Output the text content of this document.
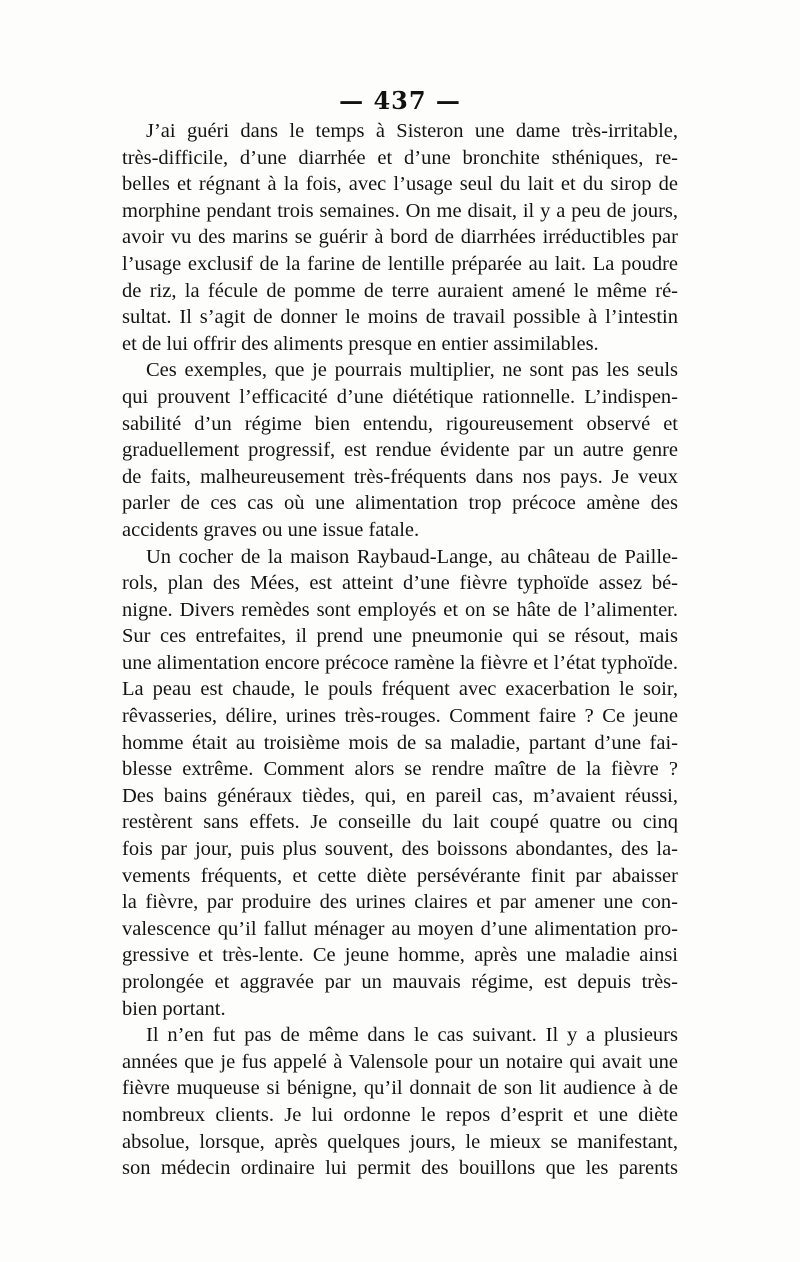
— 437 —
J’ai guéri dans le temps à Sisteron une dame très-irritable,
très-difficile, d’une diarrhée et d’une bronchite sthéniques, re-
belles et régnant à la fois, avec l’usage seul du lait et du sirop de
morphine pendant trois semaines. On me disait, il y a peu de jours,
avoir vu des marins se guérir à bord de diarrhées irréductibles par
l’usage exclusif de la farine de lentille préparée au lait. La poudre
de riz, la fécule de pomme de terre auraient amené le même ré-
sultat. Il s’agit de donner le moins de travail possible à l’intestin
et de lui offrir des aliments presque en entier assimilables.
Ces exemples, que je pourrais multiplier, ne sont pas les seuls
qui prouvent l’efficacité d’une diététique rationnelle. L’indispen-
sabilité d’un régime bien entendu, rigoureusement observé et
graduellement progressif, est rendue évidente par un autre genre
de faits, malheureusement très-fréquents dans nos pays. Je veux
parler de ces cas où une alimentation trop précoce amène des
accidents graves ou une issue fatale.
Un cocher de la maison Raybaud-Lange, au château de Paille-
rols, plan des Mées, est atteint d’une fièvre typhoïde assez bé-
nigne. Divers remèdes sont employés et on se hâte de l’alimenter.
Sur ces entrefaites, il prend une pneumonie qui se résout, mais
une alimentation encore précoce ramène la fièvre et l’état typhoïde.
La peau est chaude, le pouls fréquent avec exacerbation le soir,
rêvasseries, délire, urines très-rouges. Comment faire ? Ce jeune
homme était au troisième mois de sa maladie, partant d’une fai-
blesse extrême. Comment alors se rendre maître de la fièvre ?
Des bains généraux tièdes, qui, en pareil cas, m’avaient réussi,
restèrent sans effets. Je conseille du lait coupé quatre ou cinq
fois par jour, puis plus souvent, des boissons abondantes, des la-
vements fréquents, et cette diète persévérante finit par abaisser
la fièvre, par produire des urines claires et par amener une con-
valescence qu’il fallut ménager au moyen d’une alimentation pro-
gressive et très-lente. Ce jeune homme, après une maladie ainsi
prolongée et aggravée par un mauvais régime, est depuis très-
bien portant.
Il n’en fut pas de même dans le cas suivant. Il y a plusieurs
années que je fus appelé à Valensole pour un notaire qui avait une
fièvre muqueuse si bénigne, qu’il donnait de son lit audience à de
nombreux clients. Je lui ordonne le repos d’esprit et une diète
absolue, lorsque, après quelques jours, le mieux se manifestant,
son médecin ordinaire lui permit des bouillons que les parents
